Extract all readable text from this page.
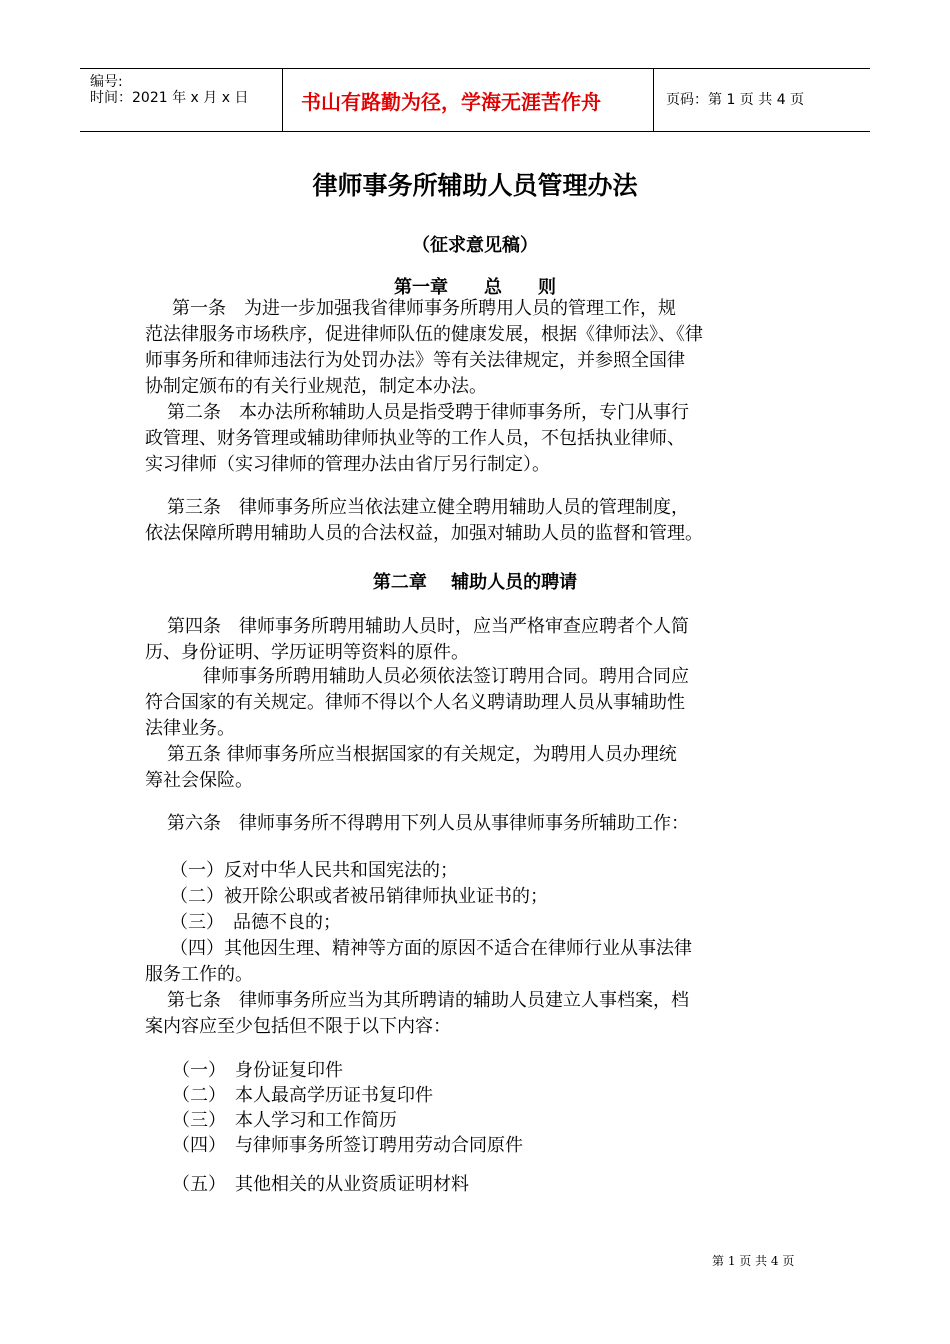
编号:
时间：2021 年 x 月 x 日	书山有路勤为径，学海无涯苦作舟	页码：第 1 页 共 4 页
律师事务所辅助人员管理办法
（征求意见稿）
第一章　　总　　则
第二章　 辅助人员的聘请
第一条　为进一步加强我省律师事务所聘用人员的管理工作，规
范法律服务市场秩序，促进律师队伍的健康发展，根据《律师法》、《律
师事务所和律师违法行为处罚办法》等有关法律规定，并参照全国律
协制定颁布的有关行业规范，制定本办法。
第二条　本办法所称辅助人员是指受聘于律师事务所，专门从事行
政管理、财务管理或辅助律师执业等的工作人员，不包括执业律师、
实习律师（实习律师的管理办法由省厅另行制定）。
第三条　律师事务所应当依法建立健全聘用辅助人员的管理制度，
依法保障所聘用辅助人员的合法权益，加强对辅助人员的监督和管理。
第四条　律师事务所聘用辅助人员时，应当严格审查应聘者个人简
历、身份证明、学历证明等资料的原件。
律师事务所聘用辅助人员必须依法签订聘用合同。聘用合同应
符合国家的有关规定。律师不得以个人名义聘请助理人员从事辅助性
法律业务。
第五条 律师事务所应当根据国家的有关规定，为聘用人员办理统
筹社会保险。
第六条　律师事务所不得聘用下列人员从事律师事务所辅助工作：
（一）反对中华人民共和国宪法的；
（二）被开除公职或者被吊销律师执业证书的；
（三）　品德不良的；
（四）其他因生理、精神等方面的原因不适合在律师行业从事法律
服务工作的。
第七条　律师事务所应当为其所聘请的辅助人员建立人事档案，档
案内容应至少包括但不限于以下内容：
（一）　身份证复印件
（二）　本人最高学历证书复印件
（三）　本人学习和工作简历
（四）　与律师事务所签订聘用劳动合同原件
（五）　其他相关的从业资质证明材料
第 1 页 共 4 页
